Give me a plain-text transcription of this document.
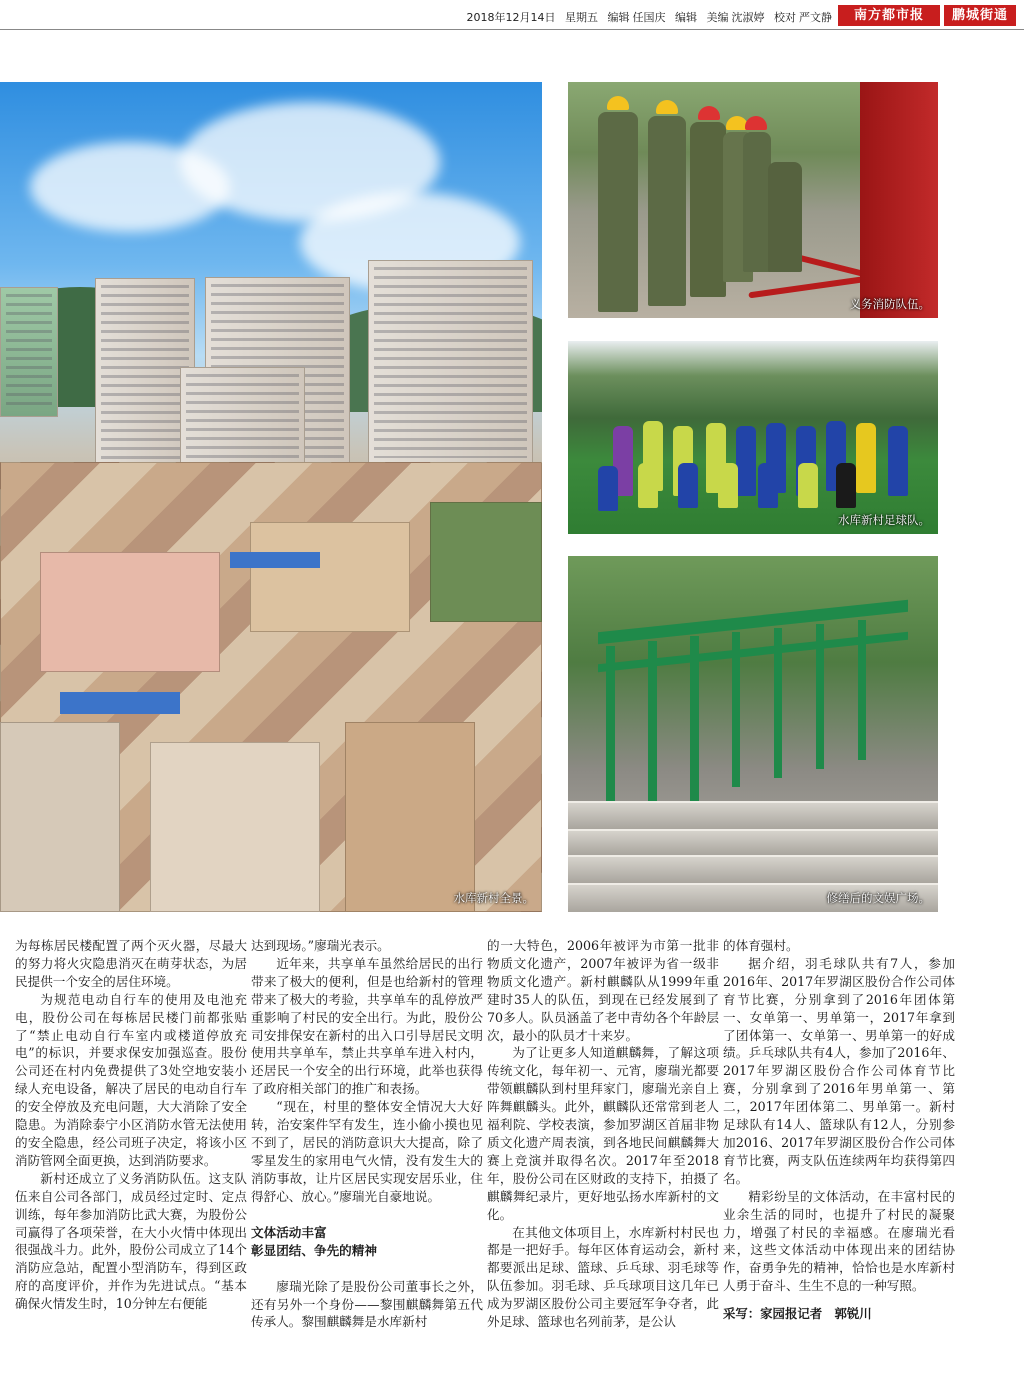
2018年12月14日 星期五 编辑 任国庆 编辑 美编 沈淑婷 校对 严文静	南方都市报	鹏城街通
水库新村全景。
义务消防队伍。
水库新村足球队。
修缮后的文娱广场。

为每栋居民楼配置了两个灭火器，尽最大的努力将火灾隐患消灭在萌芽状态，为居民提供一个安全的居住环境。

为规范电动自行车的使用及电池充电，股份公司在每栋居民楼门前都张贴了“禁止电动自行车室内或楼道停放充电”的标识，并要求保安加强巡查。股份公司还在村内免费提供了3处空地安装小绿人充电设备，解决了居民的电动自行车的安全停放及充电问题，大大消除了安全隐患。为消除泰宁小区消防水管无法使用的安全隐患，经公司班子决定，将该小区消防管网全面更换，达到消防要求。

新村还成立了义务消防队伍。这支队伍来自公司各部门，成员经过定时、定点训练，每年参加消防比武大赛，为股份公司赢得了各项荣誉，在大小火情中体现出很强战斗力。此外，股份公司成立了14个消防应急站，配置小型消防车，得到区政府的高度评价，并作为先进试点。“基本确保火情发生时，10分钟左右便能

达到现场。”廖瑞光表示。

近年来，共享单车虽然给居民的出行带来了极大的便利，但是也给新村的管理带来了极大的考验，共享单车的乱停放严重影响了村民的安全出行。为此，股份公司安排保安在新村的出入口引导居民文明使用共享单车，禁止共享单车进入村内，还居民一个安全的出行环境，此举也获得了政府相关部门的推广和表扬。

“现在，村里的整体安全情况大大好转，治安案件罕有发生，连小偷小摸也见不到了，居民的消防意识大大提高，除了零星发生的家用电气火情，没有发生大的消防事故，让片区居民实现安居乐业，住得舒心、放心。”廖瑞光自豪地说。

文体活动丰富
彰显团结、争先的精神

廖瑞光除了是股份公司董事长之外，还有另外一个身份——黎围麒麟舞第五代传承人。黎围麒麟舞是水库新村

的一大特色，2006年被评为市第一批非物质文化遗产，2007年被评为省一级非物质文化遗产。新村麒麟队从1999年重建时35人的队伍，到现在已经发展到了70多人。队员涵盖了老中青幼各个年龄层次，最小的队员才十来岁。

为了让更多人知道麒麟舞，了解这项传统文化，每年初一、元宵，廖瑞光都要带领麒麟队到村里拜家门，廖瑞光亲自上阵舞麒麟头。此外，麒麟队还常常到老人福利院、学校表演，参加罗湖区首届非物质文化遗产周表演，到各地民间麒麟舞大赛上竞演并取得名次。2017年至2018年，股份公司在区财政的支持下，拍摄了麒麟舞纪录片，更好地弘扬水库新村的文化。

在其他文体项目上，水库新村村民也都是一把好手。每年区体育运动会，新村都要派出足球、篮球、乒乓球、羽毛球等队伍参加。羽毛球、乒乓球项目这几年已成为罗湖区股份公司主要冠军争夺者，此外足球、篮球也名列前茅，是公认

的体育强村。

据介绍，羽毛球队共有7人，参加2016年、2017年罗湖区股份合作公司体育节比赛，分别拿到了2016年团体第一、女单第一、男单第一，2017年拿到了团体第一、女单第一、男单第一的好成绩。乒乓球队共有4人，参加了2016年、2017年罗湖区股份合作公司体育节比赛，分别拿到了2016年男单第一、第二，2017年团体第二、男单第一。新村足球队有14人、篮球队有12人，分别参加2016、2017年罗湖区股份合作公司体育节比赛，两支队伍连续两年均获得第四名。

精彩纷呈的文体活动，在丰富村民的业余生活的同时，也提升了村民的凝聚力，增强了村民的幸福感。在廖瑞光看来，这些文体活动中体现出来的团结协作，奋勇争先的精神，恰恰也是水库新村人勇于奋斗、生生不息的一种写照。

采写：家园报记者　郭锐川
